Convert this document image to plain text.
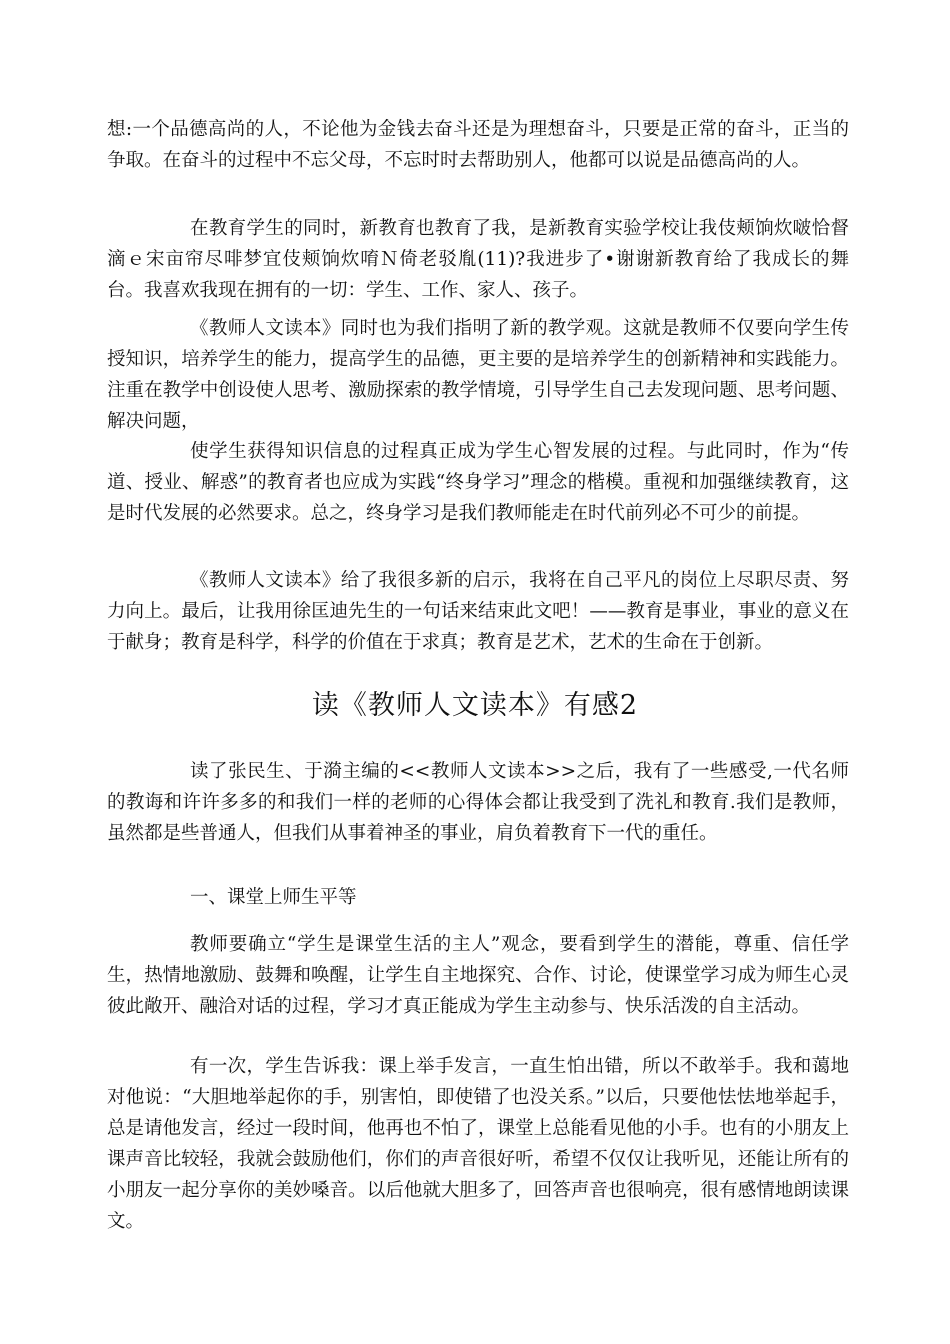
想:一个品德高尚的人，不论他为金钱去奋斗还是为理想奋斗，只要是正常的奋斗，正当的争取。在奋斗的过程中不忘父母，不忘时时去帮助别人，他都可以说是品德高尚的人。

在教育学生的同时，新教育也教育了我，是新教育实验学校让我伎颊饷炊啵恰督滴ｅ宋亩帘尽啡梦宜伎颊饷炊唷Ｎ倚老驳胤(11)?我进步了•谢谢新教育给了我成长的舞台。我喜欢我现在拥有的一切：学生、工作、家人、孩子。

《教师人文读本》同时也为我们指明了新的教学观。这就是教师不仅要向学生传授知识，培养学生的能力，提高学生的品德，更主要的是培养学生的创新精神和实践能力。注重在教学中创设使人思考、激励探索的教学情境，引导学生自己去发现问题、思考问题、解决问题，

使学生获得知识信息的过程真正成为学生心智发展的过程。与此同时，作为“传道、授业、解惑”的教育者也应成为实践“终身学习”理念的楷模。重视和加强继续教育，这是时代发展的必然要求。总之，终身学习是我们教师能走在时代前列必不可少的前提。

《教师人文读本》给了我很多新的启示，我将在自己平凡的岗位上尽职尽责、努力向上。最后，让我用徐匡迪先生的一句话来结束此文吧！——教育是事业，事业的意义在于献身；教育是科学，科学的价值在于求真；教育是艺术，艺术的生命在于创新。

读《教师人文读本》有感2

读了张民生、于漪主编的<<教师人文读本>>之后，我有了一些感受,一代名师的教诲和许许多多的和我们一样的老师的心得体会都让我受到了洗礼和教育.我们是教师，虽然都是些普通人，但我们从事着神圣的事业，肩负着教育下一代的重任。

一、课堂上师生平等

教师要确立“学生是课堂生活的主人”观念，要看到学生的潜能，尊重、信任学生，热情地激励、鼓舞和唤醒，让学生自主地探究、合作、讨论，使课堂学习成为师生心灵彼此敞开、融洽对话的过程，学习才真正能成为学生主动参与、快乐活泼的自主活动。

有一次，学生告诉我：课上举手发言，一直生怕出错，所以不敢举手。我和蔼地对他说：“大胆地举起你的手，别害怕，即使错了也没关系。”以后，只要他怯怯地举起手，总是请他发言，经过一段时间，他再也不怕了，课堂上总能看见他的小手。也有的小朋友上课声音比较轻，我就会鼓励他们，你们的声音很好听，希望不仅仅让我听见，还能让所有的小朋友一起分享你的美妙嗓音。以后他就大胆多了，回答声音也很响亮，很有感情地朗读课文。
